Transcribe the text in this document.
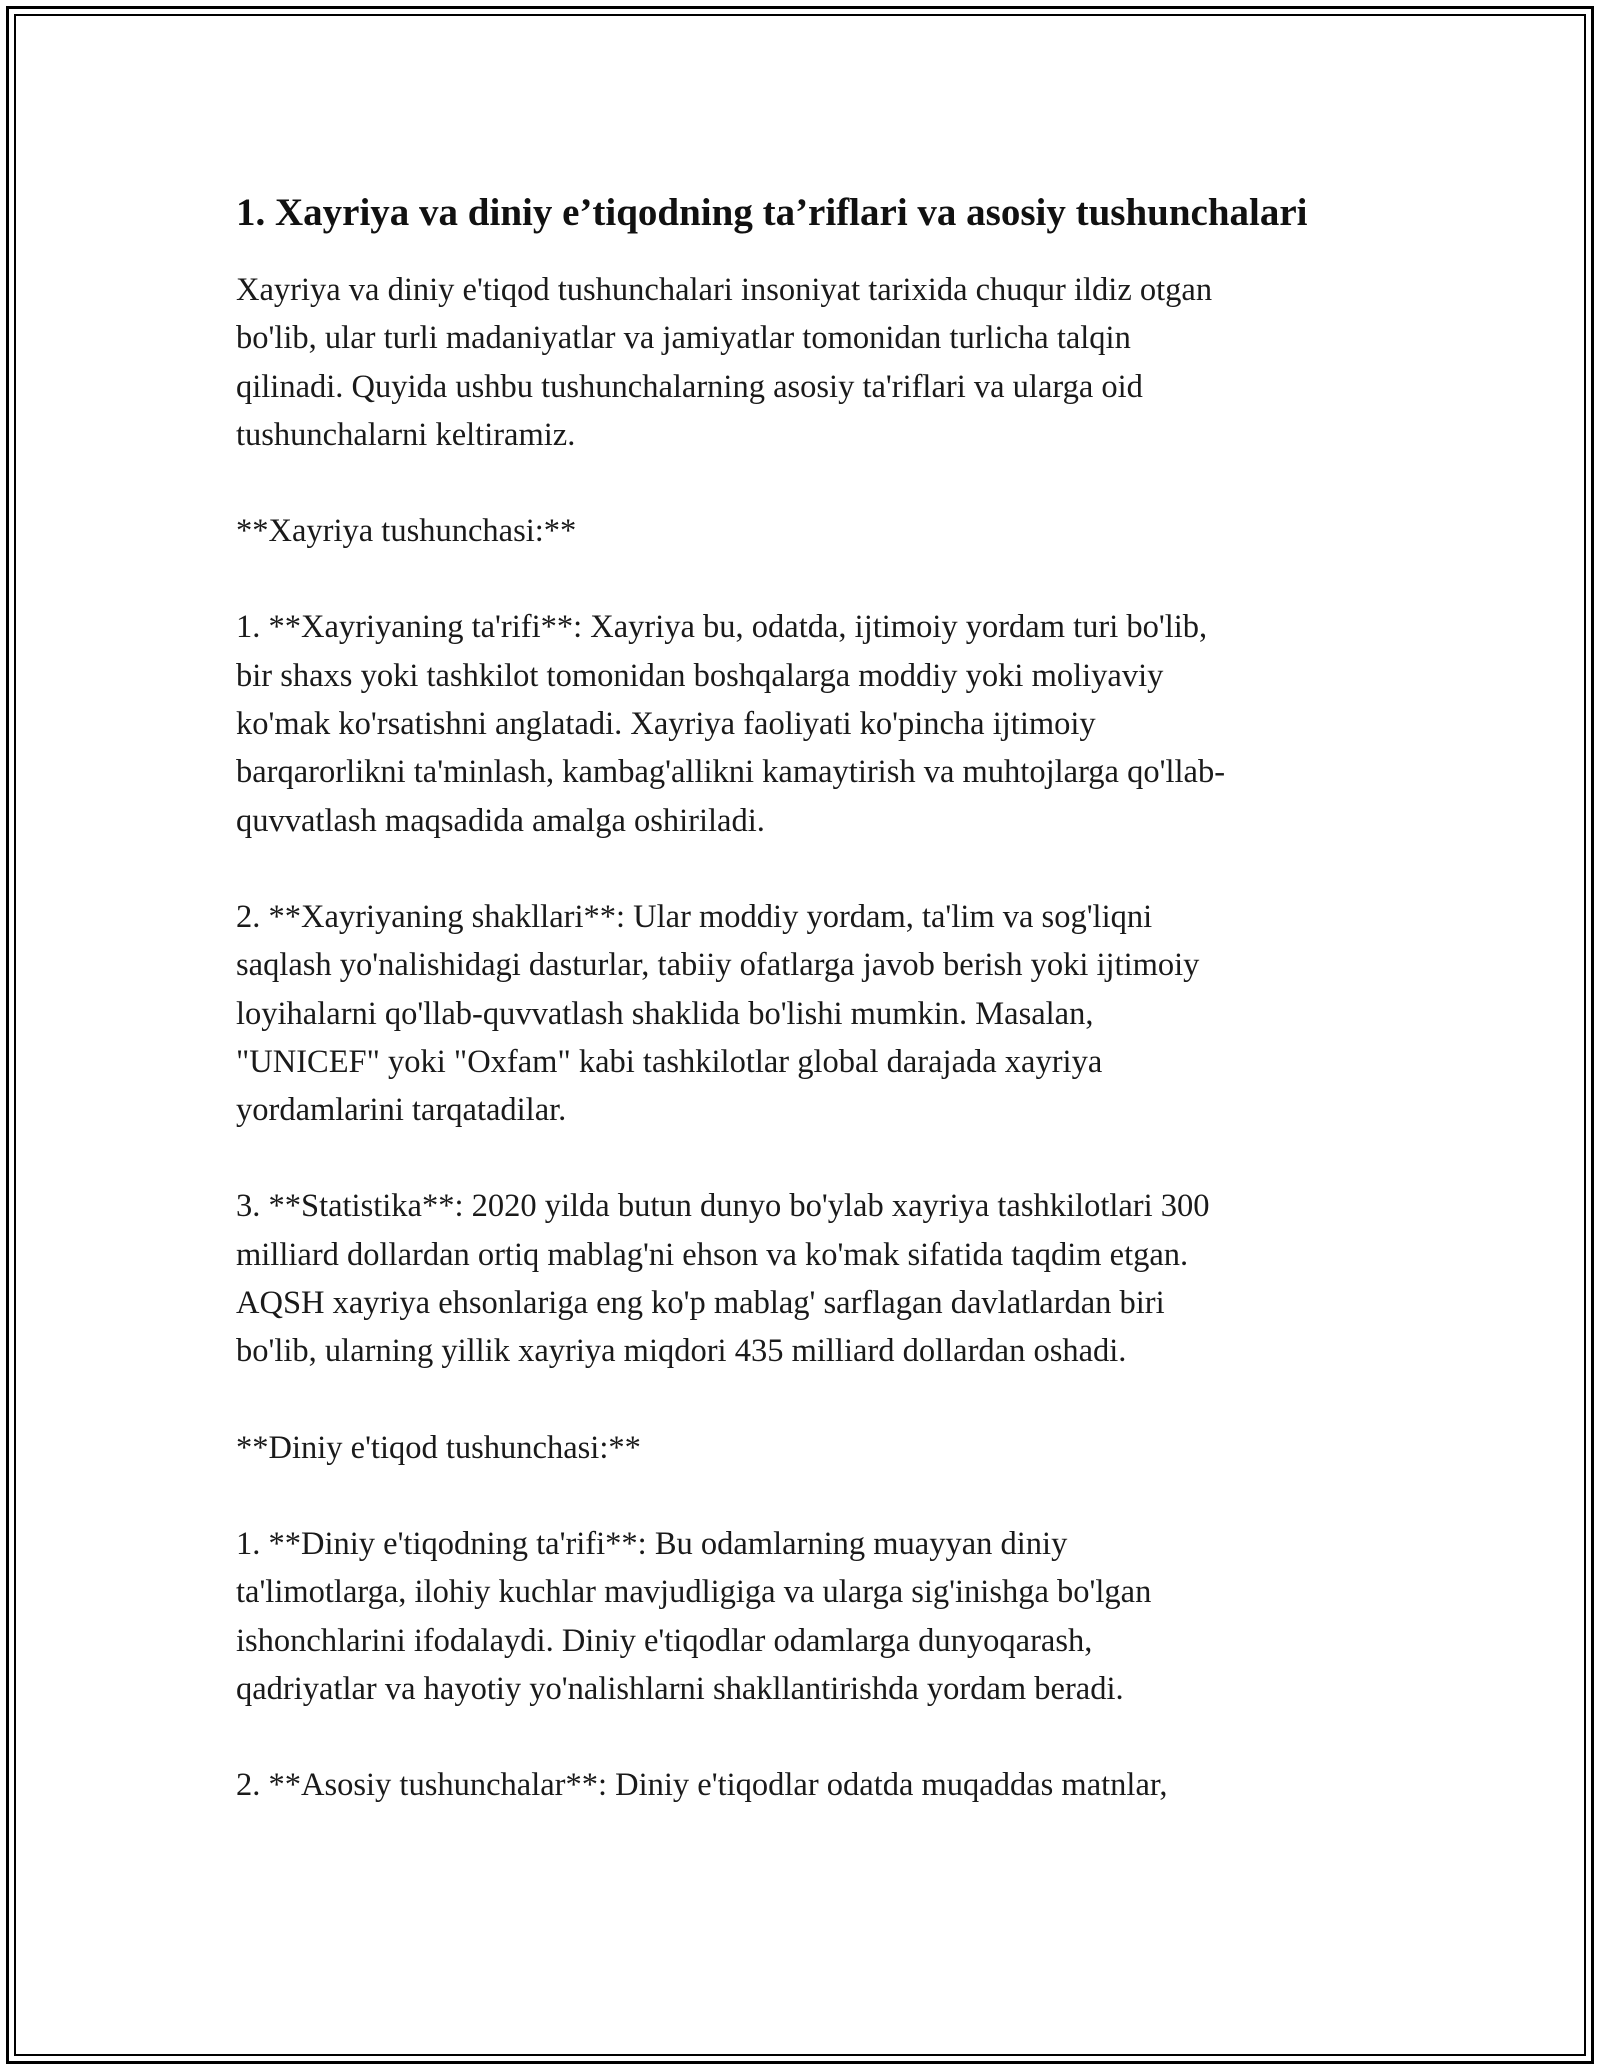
1. Xayriya va diniy e’tiqodning ta’riflari va asosiy tushunchalari

Xayriya va diniy e'tiqod tushunchalari insoniyat tarixida chuqur ildiz otgan
bo'lib, ular turli madaniyatlar va jamiyatlar tomonidan turlicha talqin
qilinadi. Quyida ushbu tushunchalarning asosiy ta'riflari va ularga oid
tushunchalarni keltiramiz.

**Xayriya tushunchasi:**

1. **Xayriyaning ta'rifi**: Xayriya bu, odatda, ijtimoiy yordam turi bo'lib,
bir shaxs yoki tashkilot tomonidan boshqalarga moddiy yoki moliyaviy
ko'mak ko'rsatishni anglatadi. Xayriya faoliyati ko'pincha ijtimoiy
barqarorlikni ta'minlash, kambag'allikni kamaytirish va muhtojlarga qo'llab-
quvvatlash maqsadida amalga oshiriladi.

2. **Xayriyaning shakllari**: Ular moddiy yordam, ta'lim va sog'liqni
saqlash yo'nalishidagi dasturlar, tabiiy ofatlarga javob berish yoki ijtimoiy
loyihalarni qo'llab-quvvatlash shaklida bo'lishi mumkin. Masalan,
"UNICEF" yoki "Oxfam" kabi tashkilotlar global darajada xayriya
yordamlarini tarqatadilar.

3. **Statistika**: 2020 yilda butun dunyo bo'ylab xayriya tashkilotlari 300
milliard dollardan ortiq mablag'ni ehson va ko'mak sifatida taqdim etgan.
AQSH xayriya ehsonlariga eng ko'p mablag' sarflagan davlatlardan biri
bo'lib, ularning yillik xayriya miqdori 435 milliard dollardan oshadi.

**Diniy e'tiqod tushunchasi:**

1. **Diniy e'tiqodning ta'rifi**: Bu odamlarning muayyan diniy
ta'limotlarga, ilohiy kuchlar mavjudligiga va ularga sig'inishga bo'lgan
ishonchlarini ifodalaydi. Diniy e'tiqodlar odamlarga dunyoqarash,
qadriyatlar va hayotiy yo'nalishlarni shakllantirishda yordam beradi.

2. **Asosiy tushunchalar**: Diniy e'tiqodlar odatda muqaddas matnlar,
